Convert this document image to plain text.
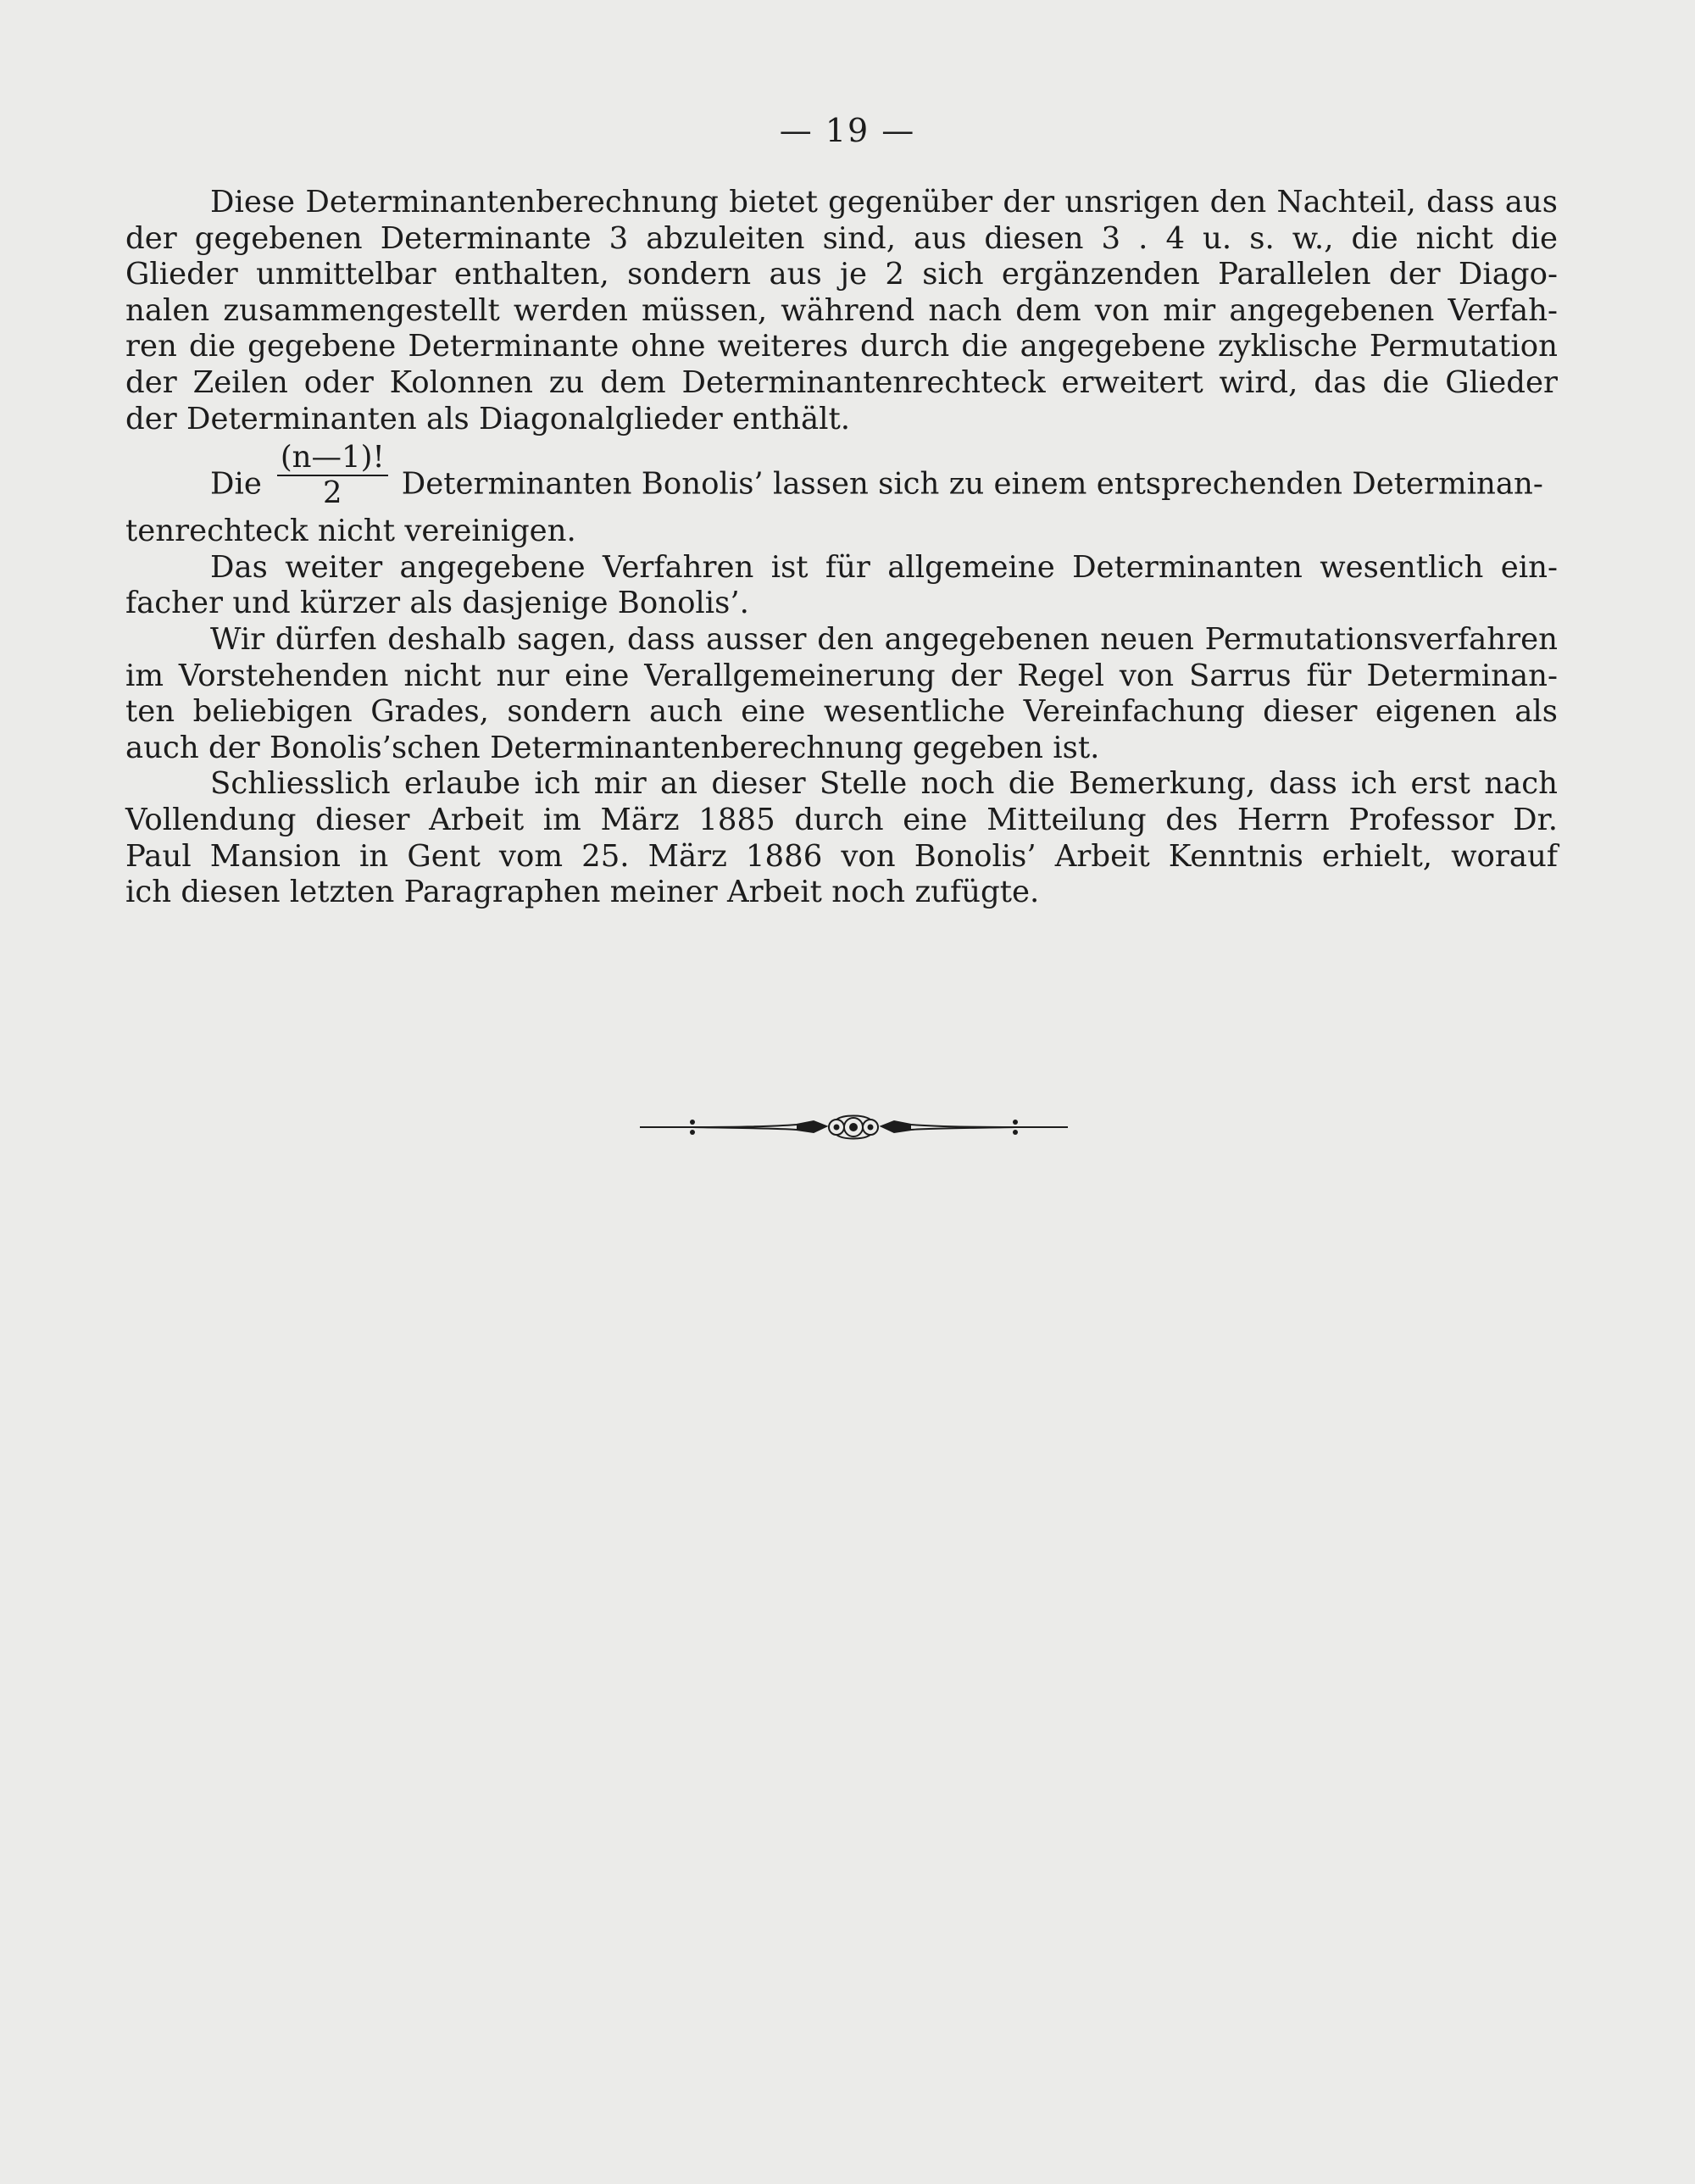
— 19 —

Diese Determinantenberechnung bietet gegenüber der unsrigen den Nachteil, dass aus
der gegebenen Determinante 3 abzuleiten sind, aus diesen 3 . 4 u. s. w., die nicht die
Glieder unmittelbar enthalten, sondern aus je 2 sich ergänzenden Parallelen der Diago-
nalen zusammengestellt werden müssen, während nach dem von mir angegebenen Verfah-
ren die gegebene Determinante ohne weiteres durch die angegebene zyklische Permutation
der Zeilen oder Kolonnen zu dem Determinantenrechteck erweitert wird, das die Glieder
der Determinanten als Diagonalglieder enthält.

Die $\frac{(n—1)!}{2}$ Determinanten Bonolis’ lassen sich zu einem entsprechenden Determinan-
tenrechteck nicht vereinigen.

Das weiter angegebene Verfahren ist für allgemeine Determinanten wesentlich ein-
facher und kürzer als dasjenige Bonolis’.

Wir dürfen deshalb sagen, dass ausser den angegebenen neuen Permutationsverfahren
im Vorstehenden nicht nur eine Verallgemeinerung der Regel von Sarrus für Determinan-
ten beliebigen Grades, sondern auch eine wesentliche Vereinfachung dieser eigenen als
auch der Bonolis’schen Determinantenberechnung gegeben ist.

Schliesslich erlaube ich mir an dieser Stelle noch die Bemerkung, dass ich erst nach
Vollendung dieser Arbeit im März 1885 durch eine Mitteilung des Herrn Professor Dr.
Paul Mansion in Gent vom 25. März 1886 von Bonolis’ Arbeit Kenntnis erhielt, worauf
ich diesen letzten Paragraphen meiner Arbeit noch zufügte.
